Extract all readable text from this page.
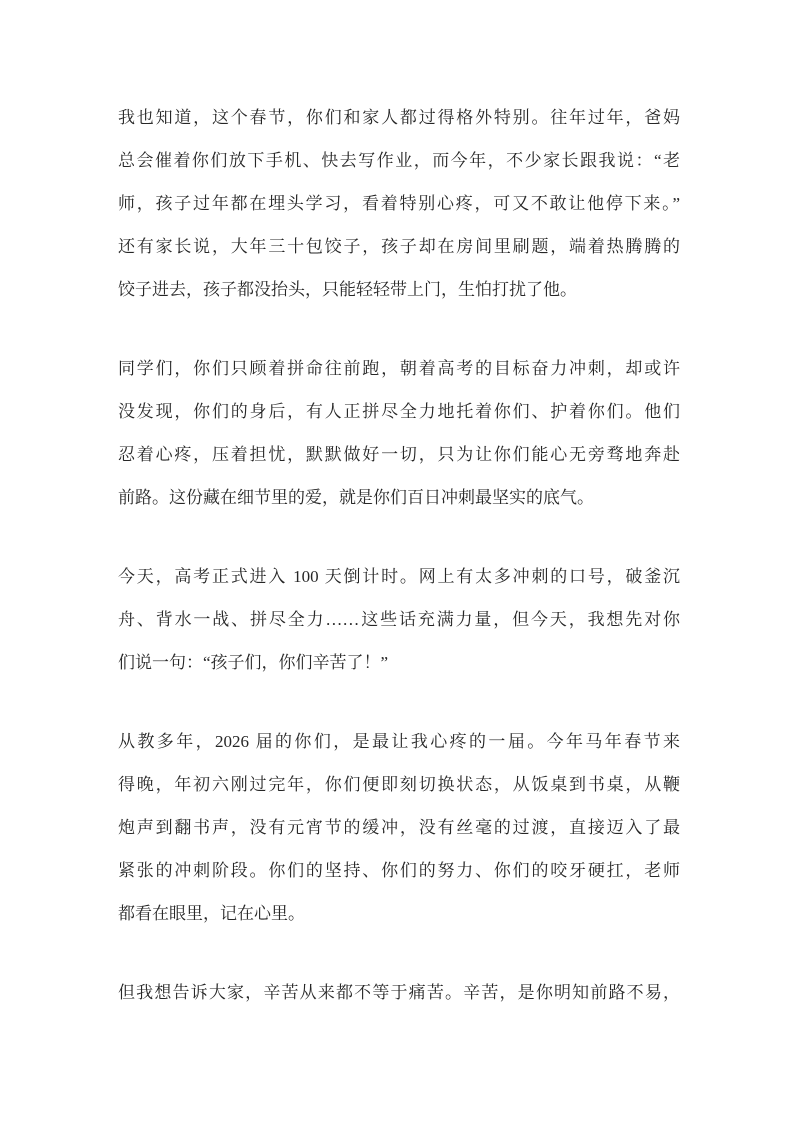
我也知道，这个春节，你们和家人都过得格外特别。往年过年，爸妈
总会催着你们放下手机、快去写作业，而今年，不少家长跟我说：“老
师，孩子过年都在埋头学习，看着特别心疼，可又不敢让他停下来。”
还有家长说，大年三十包饺子，孩子却在房间里刷题，端着热腾腾的
饺子进去，孩子都没抬头，只能轻轻带上门，生怕打扰了他。
同学们，你们只顾着拼命往前跑，朝着高考的目标奋力冲刺，却或许
没发现，你们的身后，有人正拼尽全力地托着你们、护着你们。他们
忍着心疼，压着担忧，默默做好一切，只为让你们能心无旁骛地奔赴
前路。这份藏在细节里的爱，就是你们百日冲刺最坚实的底气。
今天，高考正式进入 100 天倒计时。网上有太多冲刺的口号，破釜沉
舟、背水一战、拼尽全力……这些话充满力量，但今天，我想先对你
们说一句：“孩子们，你们辛苦了！”
从教多年，2026 届的你们，是最让我心疼的一届。今年马年春节来
得晚，年初六刚过完年，你们便即刻切换状态，从饭桌到书桌，从鞭
炮声到翻书声，没有元宵节的缓冲，没有丝毫的过渡，直接迈入了最
紧张的冲刺阶段。你们的坚持、你们的努力、你们的咬牙硬扛，老师
都看在眼里，记在心里。
但我想告诉大家，辛苦从来都不等于痛苦。辛苦，是你明知前路不易，
